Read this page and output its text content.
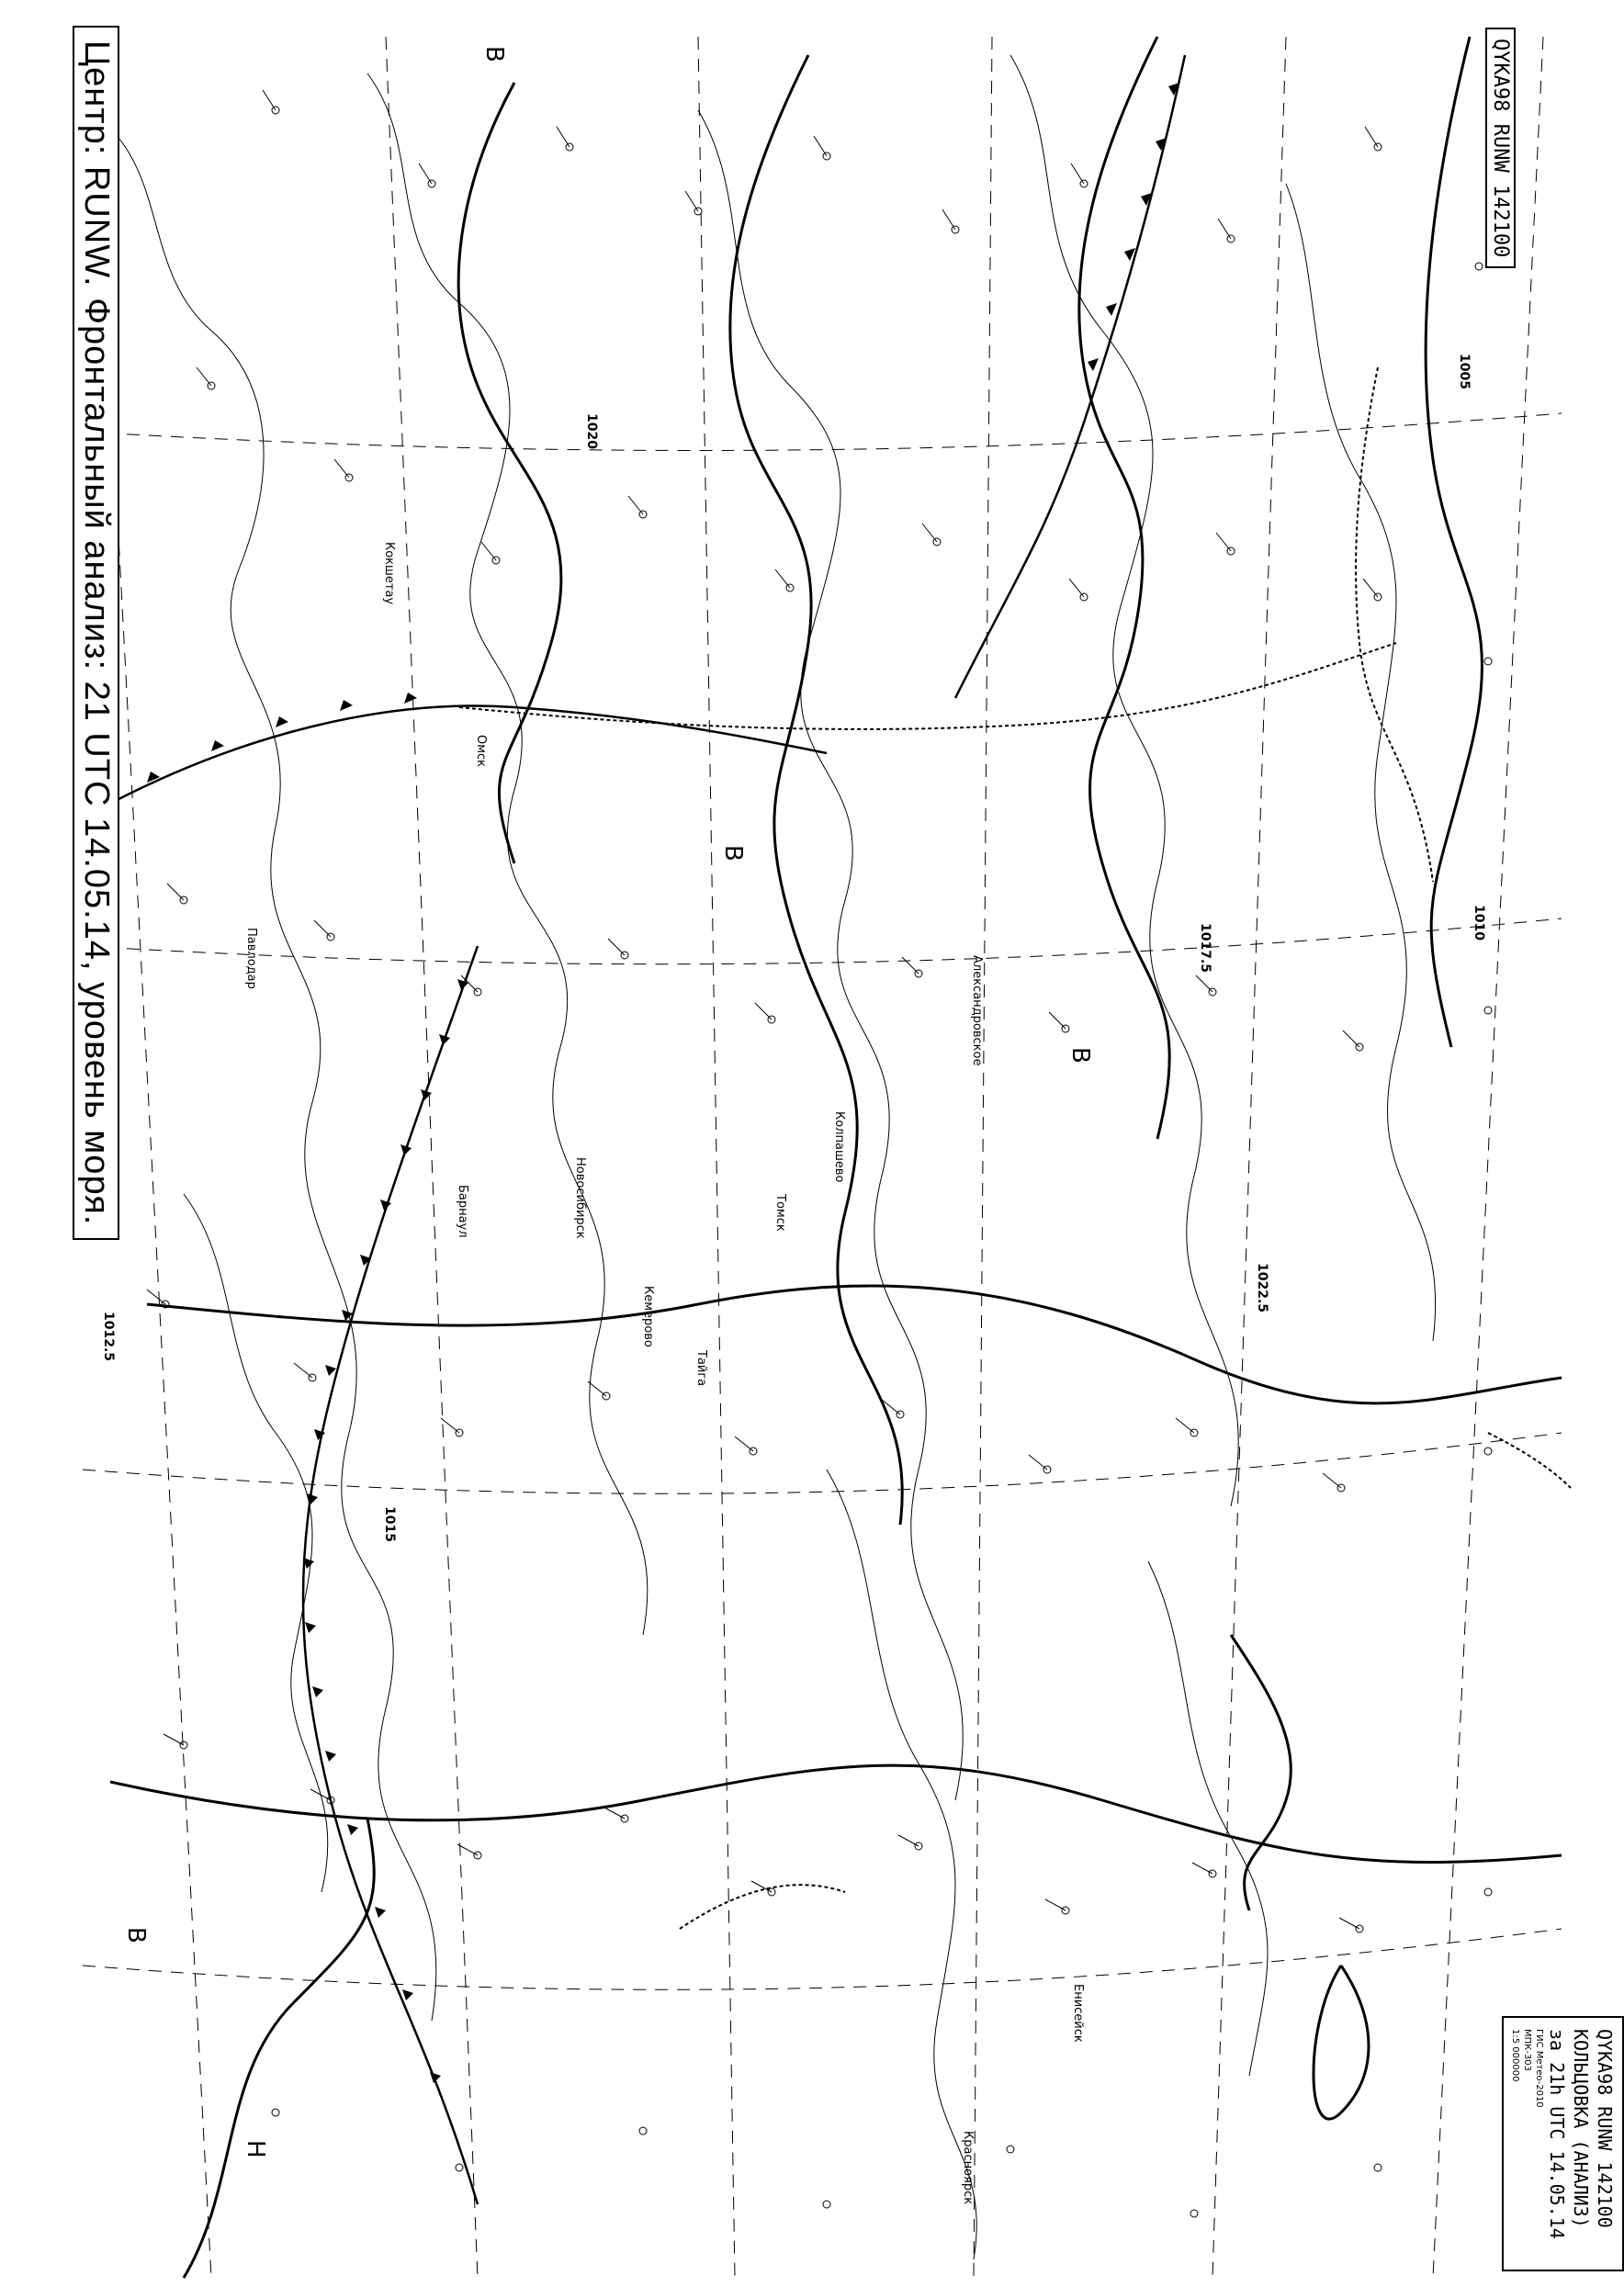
1005
1010
1012.5
1015
1017.5
1020
1022.5
В
В
В
Н
В
Новосибирск	Томск
Кемерово
Барнаул
Омск
Павлодар
Кокшетау
Колпашево
Александровское
Тайга
Енисейск
Красноярск
Центр: RUNW. Фронтальный анализ: 21 UTC 14.05.14, уровень моря.	QYKA98 RUNW 142100
QYKA98 RUNW 142100
КОЛЬЦОВКА (АНАЛИЗ)
за 21h UTC 14.05.14
ГИС Метео-2010
МПК-303
1:5 000000
